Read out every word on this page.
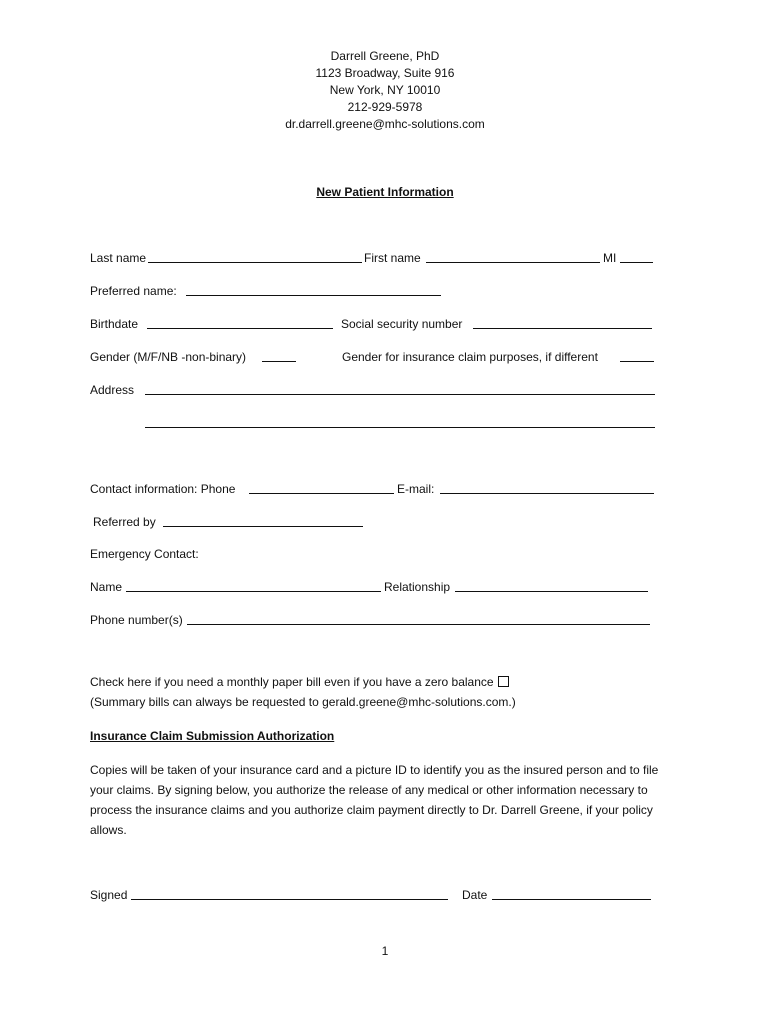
Darrell Greene, PhD
1123 Broadway, Suite 916
New York, NY 10010
212-929-5978
dr.darrell.greene@mhc-solutions.com
New Patient Information
Last name	First name	MI
Preferred name:
Birthdate	Social security number
Gender (M/F/NB -non-binary)	Gender for insurance claim purposes, if different
Address
Contact information: Phone	E-mail:
Referred by
Emergency Contact:
Name	Relationship
Phone number(s)
Check here if you need a monthly paper bill even if you have a zero balance
(Summary bills can always be requested to gerald.greene@mhc-solutions.com.)
Insurance Claim Submission Authorization
Copies will be taken of your insurance card and a picture ID to identify you as the insured person and to file your claims. By signing below, you authorize the release of any medical or other information necessary to process the insurance claims and you authorize claim payment directly to Dr. Darrell Greene, if your policy allows.
Signed	Date
1
